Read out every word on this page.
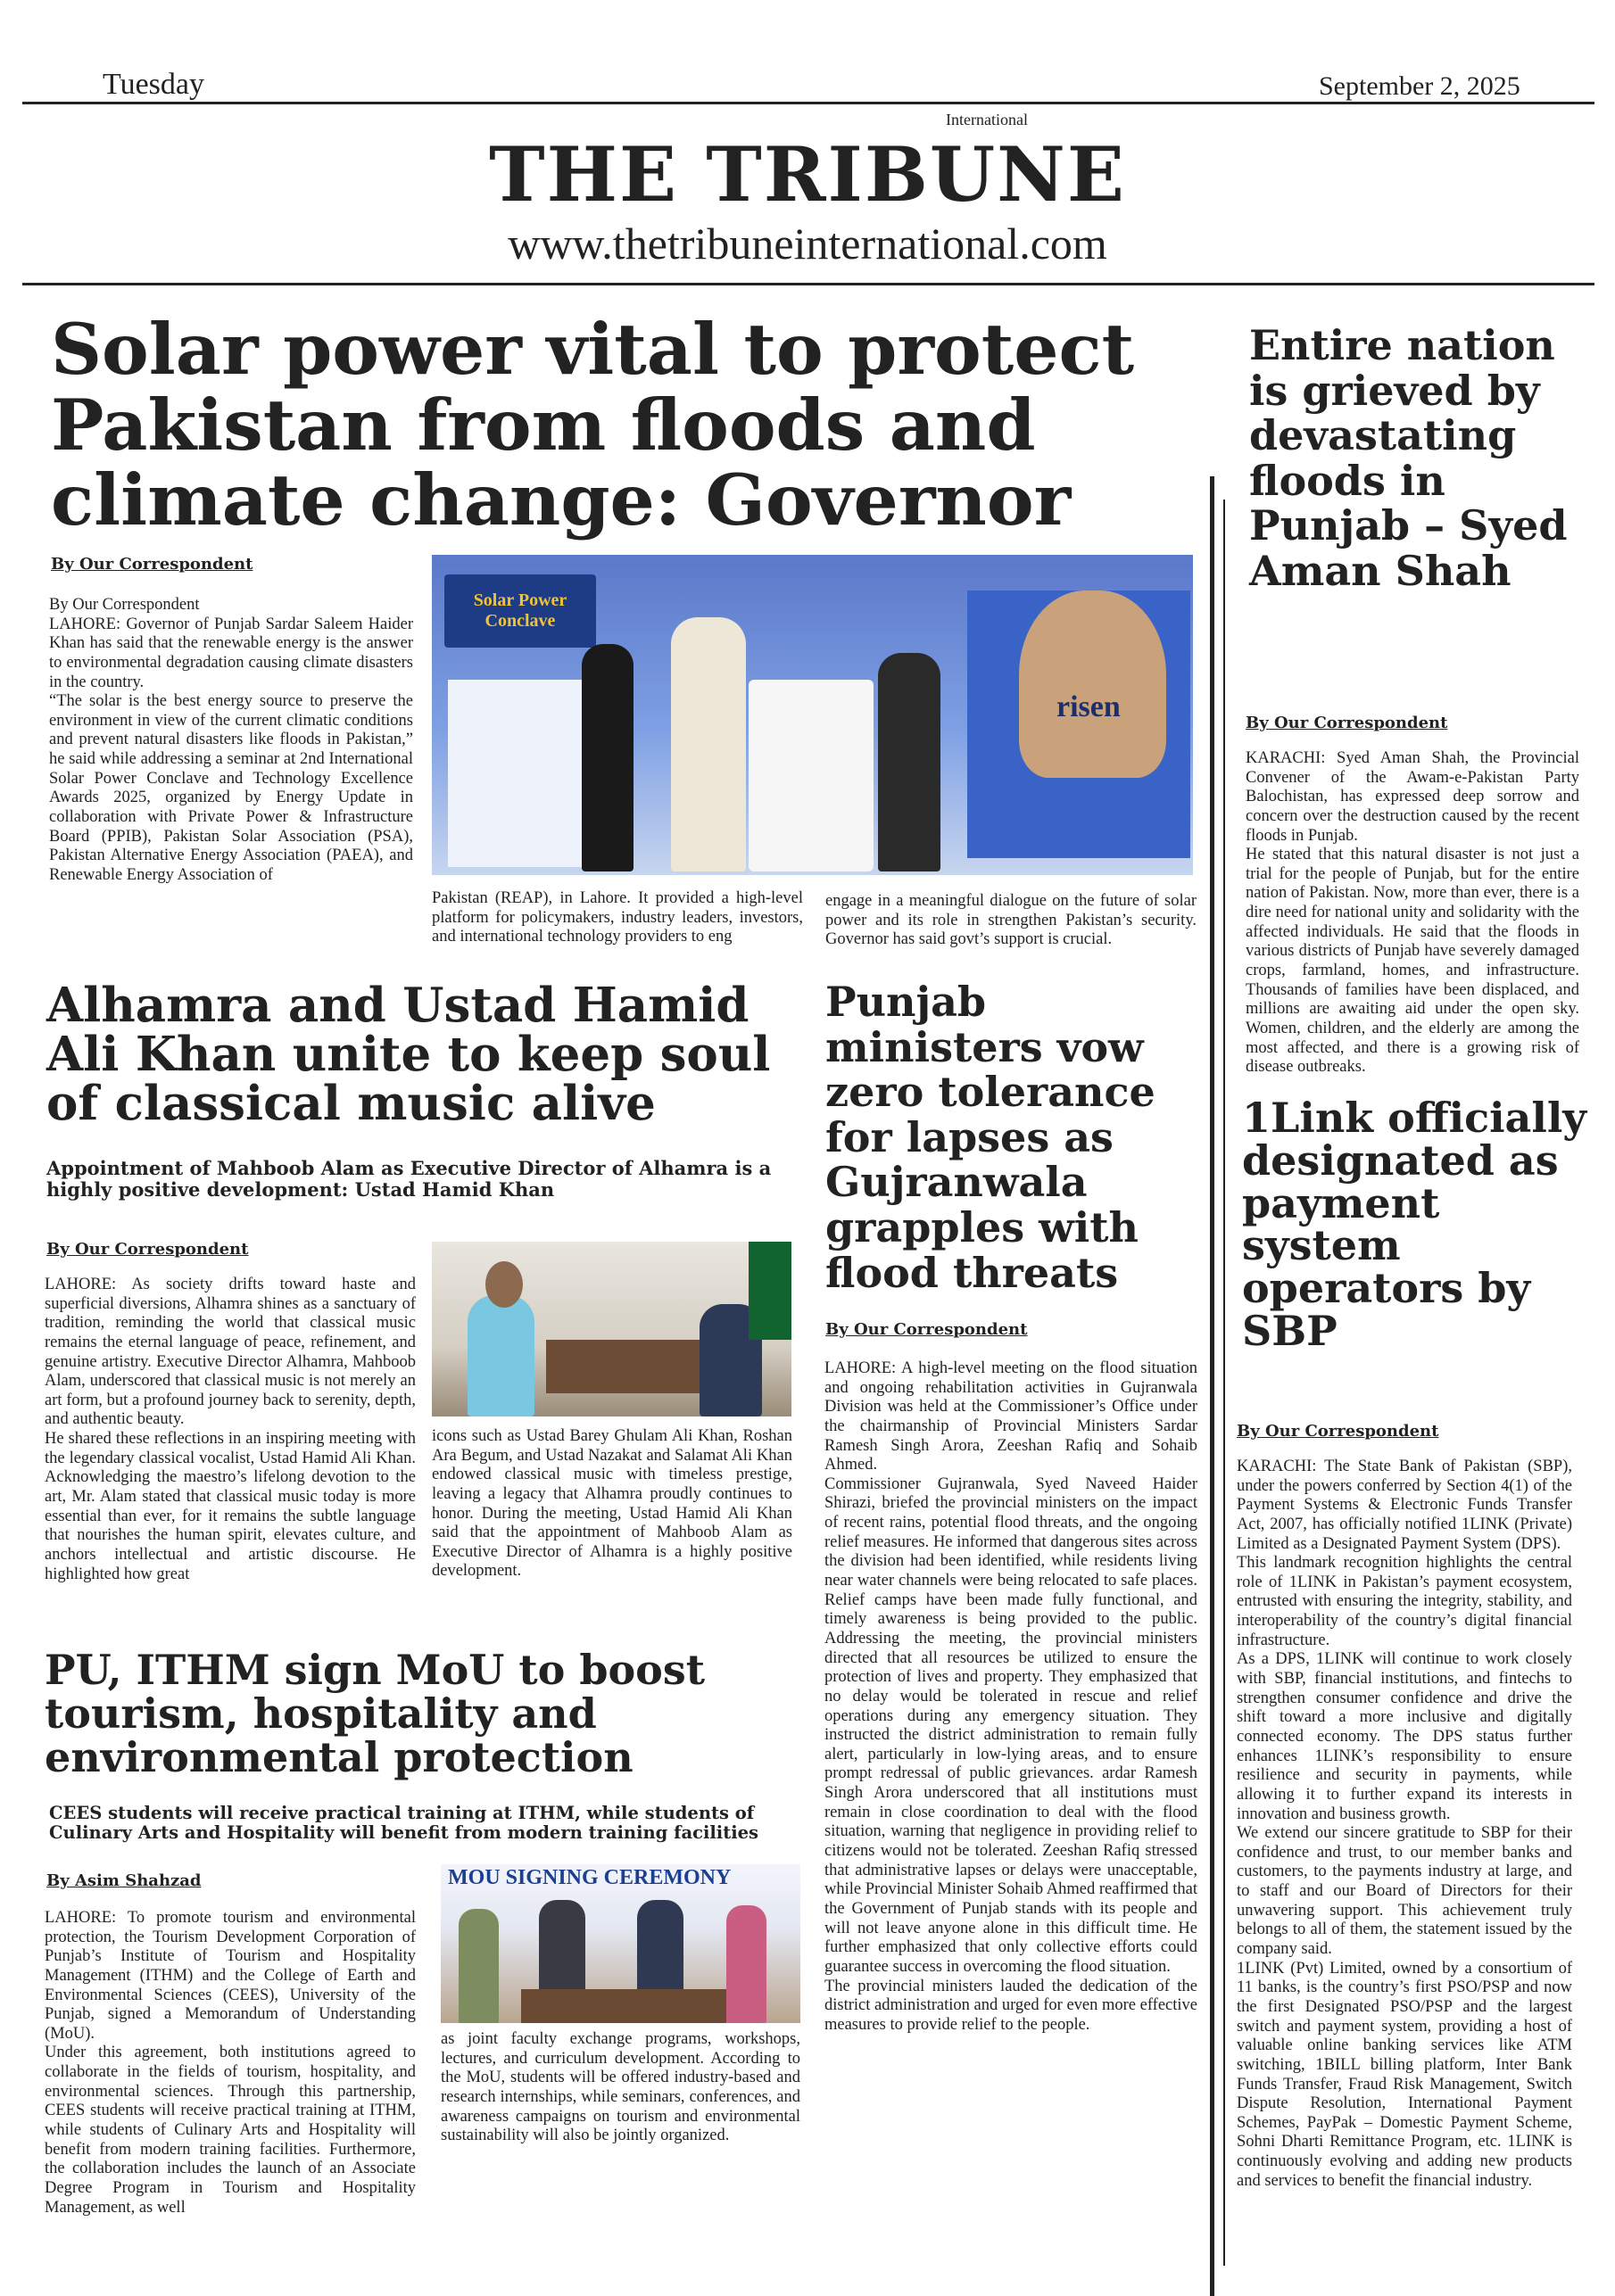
Tuesday	September 2, 2025
International
THE TRIBUNE
www.thetribuneinternational.com
Solar power vital to protect Pakistan from floods and climate change: Governor
By Our Correspondent

By Our Correspondent

LAHORE: Governor of Punjab Sardar Saleem Haider Khan has said that the renewable energy is the answer to environmental degradation causing climate disasters in the country.

“The solar is the best energy source to preserve the environment in view of the current climatic conditions and prevent natural disasters like floods in Pakistan,” he said while addressing a seminar at 2nd International Solar Power Conclave and Technology Excellence Awards 2025, organized by Energy Update in collaboration with Private Power & Infrastructure Board (PPIB), Pakistan Solar Association (PSA), Pakistan Alternative Energy Association (PAEA), and Renewable Energy Association of

Solar Power Conclave
risen

Pakistan (REAP), in Lahore. It provided a high-level platform for policymakers, industry leaders, investors, and international technology providers to eng

engage in a meaningful dialogue on the future of solar power and its role in strengthen Pakistan’s security. Governor has said govt’s support is crucial.

Alhamra and Ustad Hamid Ali Khan unite to keep soul of classical music alive
Appointment of Mahboob Alam as Executive Director of Alhamra is a highly positive development: Ustad Hamid Khan
By Our Correspondent

LAHORE: As society drifts toward haste and superficial diversions, Alhamra shines as a sanctuary of tradition, reminding the world that classical music remains the eternal language of peace, refinement, and genuine artistry. Executive Director Alhamra, Mahboob Alam, underscored that classical music is not merely an art form, but a profound journey back to serenity, depth, and authentic beauty.

He shared these reflections in an inspiring meeting with the legendary classical vocalist, Ustad Hamid Ali Khan. Acknowledging the maestro’s lifelong devotion to the art, Mr. Alam stated that classical music today is more essential than ever, for it remains the subtle language that nourishes the human spirit, elevates culture, and anchors intellectual and artistic discourse. He highlighted how great

icons such as Ustad Barey Ghulam Ali Khan, Roshan Ara Begum, and Ustad Nazakat and Salamat Ali Khan endowed classical music with timeless prestige, leaving a legacy that Alhamra proudly continues to honor. During the meeting, Ustad Hamid Ali Khan said that the appointment of Mahboob Alam as Executive Director of Alhamra is a highly positive development.

PU, ITHM sign MoU to boost tourism, hospitality and environmental protection
CEES students will receive practical training at ITHM, while students of Culinary Arts and Hospitality will benefit from modern training facilities
By Asim Shahzad

LAHORE: To promote tourism and environmental protection, the Tourism Development Corporation of Punjab’s Institute of Tourism and Hospitality Management (ITHM) and the College of Earth and Environmental Sciences (CEES), University of the Punjab, signed a Memorandum of Understanding (MoU).

Under this agreement, both institutions agreed to collaborate in the fields of tourism, hospitality, and environmental sciences. Through this partnership, CEES students will receive practical training at ITHM, while students of Culinary Arts and Hospitality will benefit from modern training facilities. Furthermore, the collaboration includes the launch of an Associate Degree Program in Tourism and Hospitality Management, as well

MOU SIGNING CEREMONY

as joint faculty exchange programs, workshops, lectures, and curriculum development. According to the MoU, students will be offered industry-based and research internships, while seminars, conferences, and awareness campaigns on tourism and environmental sustainability will also be jointly organized.

Punjab ministers vow zero tolerance for lapses as Gujranwala grapples with flood threats
By Our Correspondent

LAHORE: A high-level meeting on the flood situation and ongoing rehabilitation activities in Gujranwala Division was held at the Commissioner’s Office under the chairmanship of Provincial Ministers Sardar Ramesh Singh Arora, Zeeshan Rafiq and Sohaib Ahmed.

Commissioner Gujranwala, Syed Naveed Haider Shirazi, briefed the provincial ministers on the impact of recent rains, potential flood threats, and the ongoing relief measures. He informed that dangerous sites across the division had been identified, while residents living near water channels were being relocated to safe places. Relief camps have been made fully functional, and timely awareness is being provided to the public. Addressing the meeting, the provincial ministers directed that all resources be utilized to ensure the protection of lives and property. They emphasized that no delay would be tolerated in rescue and relief operations during any emergency situation. They instructed the district administration to remain fully alert, particularly in low-lying areas, and to ensure prompt redressal of public grievances. ardar Ramesh Singh Arora underscored that all institutions must remain in close coordination to deal with the flood situation, warning that negligence in providing relief to citizens would not be tolerated. Zeeshan Rafiq stressed that administrative lapses or delays were unacceptable, while Provincial Minister Sohaib Ahmed reaffirmed that the Government of Punjab stands with its people and will not leave anyone alone in this difficult time. He further emphasized that only collective efforts could guarantee success in overcoming the flood situation.

The provincial ministers lauded the dedication of the district administration and urged for even more effective measures to provide relief to the people.

Entire nation is grieved by devastating floods in Punjab – Syed Aman Shah
By Our Correspondent

KARACHI: Syed Aman Shah, the Provincial Convener of the Awam-e-Pakistan Party Balochistan, has expressed deep sorrow and concern over the destruction caused by the recent floods in Punjab.

He stated that this natural disaster is not just a trial for the people of Punjab, but for the entire nation of Pakistan. Now, more than ever, there is a dire need for national unity and solidarity with the affected individuals. He said that the floods in various districts of Punjab have severely damaged crops, farmland, homes, and infrastructure. Thousands of families have been displaced, and millions are awaiting aid under the open sky. Women, children, and the elderly are among the most affected, and there is a growing risk of disease outbreaks.

1Link officially designated as payment system operators by SBP
By Our Correspondent

KARACHI: The State Bank of Pakistan (SBP), under the powers conferred by Section 4(1) of the Payment Systems & Electronic Funds Transfer Act, 2007, has officially notified 1LINK (Private) Limited as a Designated Payment System (DPS).

This landmark recognition highlights the central role of 1LINK in Pakistan’s payment ecosystem, entrusted with ensuring the integrity, stability, and interoperability of the country’s digital financial infrastructure.

As a DPS, 1LINK will continue to work closely with SBP, financial institutions, and fintechs to strengthen consumer confidence and drive the shift toward a more inclusive and digitally connected economy. The DPS status further enhances 1LINK’s responsibility to ensure resilience and security in payments, while allowing it to further expand its interests in innovation and business growth.

We extend our sincere gratitude to SBP for their confidence and trust, to our member banks and customers, to the payments industry at large, and to staff and our Board of Directors for their unwavering support. This achievement truly belongs to all of them, the statement issued by the company said.

1LINK (Pvt) Limited, owned by a consortium of 11 banks, is the country’s first PSO/PSP and now the first Designated PSO/PSP and the largest switch and payment system, providing a host of valuable online banking services like ATM switching, 1BILL billing platform, Inter Bank Funds Transfer, Fraud Risk Management, Switch Dispute Resolution, International Payment Schemes, PayPak – Domestic Payment Scheme, Sohni Dharti Remittance Program, etc. 1LINK is continuously evolving and adding new products and services to benefit the financial industry.
